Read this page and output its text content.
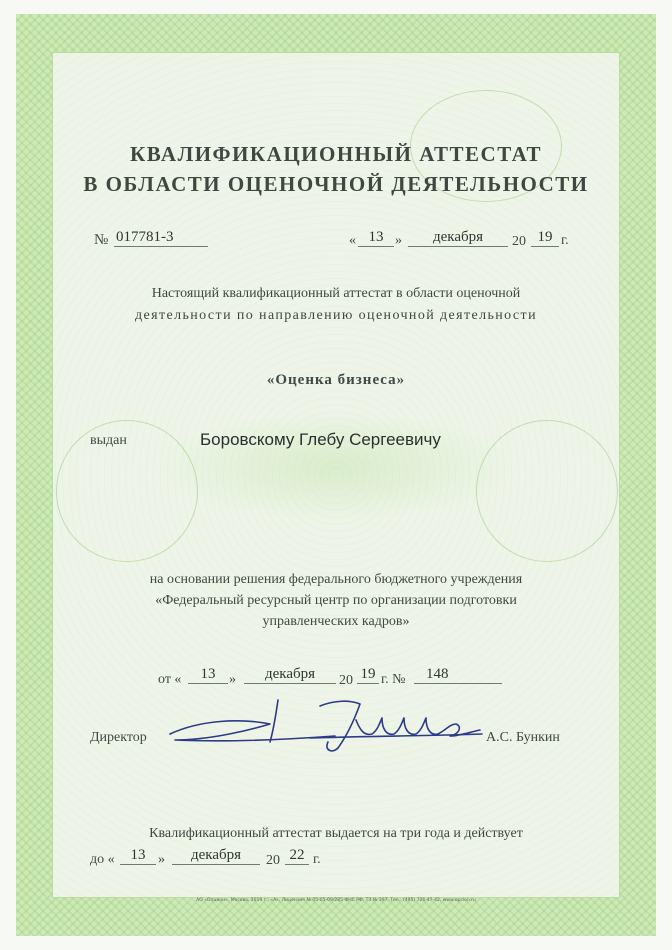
КВАЛИФИКАЦИОННЫЙ АТТЕСТАТ
В ОБЛАСТИ ОЦЕНОЧНОЙ ДЕЯТЕЛЬНОСТИ
№ 017781-3	« 13 »	декабря	20 19 г.
Настоящий квалификационный аттестат в области оценочной
деятельности по направлению оценочной деятельности
«Оценка бизнеса»
выдан	Боровскому Глебу Сергеевичу
на основании решения федерального бюджетного учреждения
«Федеральный ресурсный центр по организации подготовки
управленческих кадров»
от «	13 »	декабря	20 19 г. №	148
Директор	А.С. Бункин
Квалификационный аттестат выдается на три года и действует
до «	13 »	декабря	20 22 г.
АО «Опцион», Москва, 2019 г., «А», Лицензия № 05-05-09/285 ФНС РФ, ТЗ № 397, Тел.: (495) 726-47-42, www.opcion.ru
